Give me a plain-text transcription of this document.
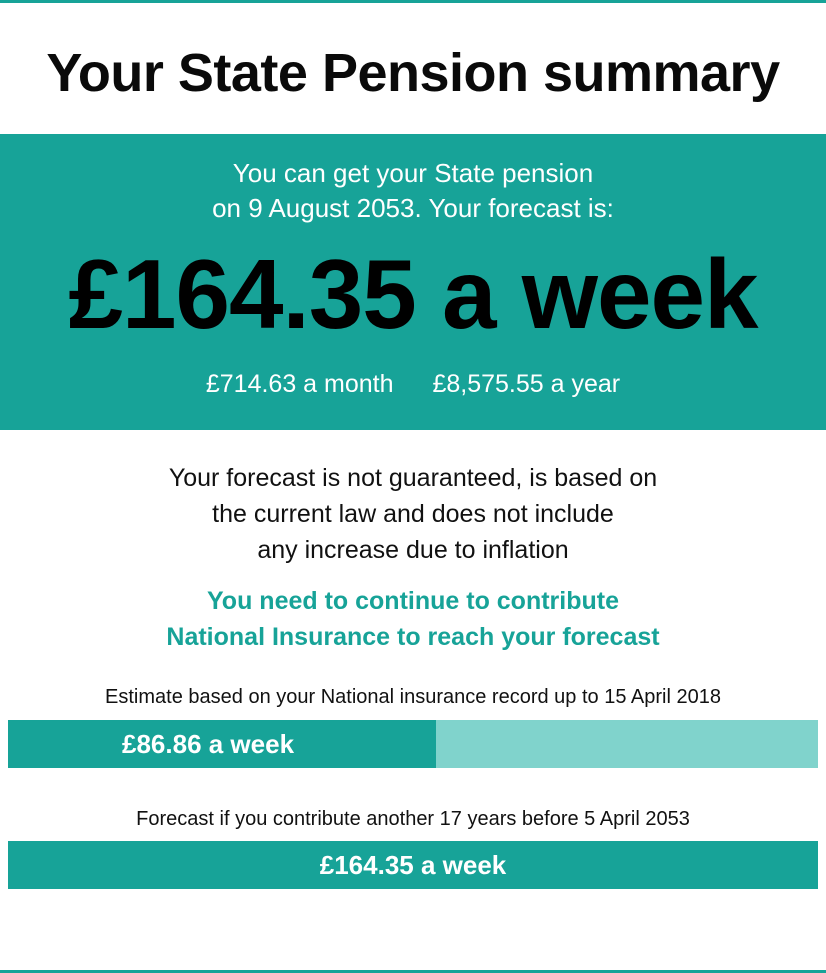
Your State Pension summary
You can get your State pension
on 9 August 2053. Your forecast is:
£164.35 a week
£714.63 a month £8,575.55 a year
Your forecast is not guaranteed, is based on
the current law and does not include
any increase due to inflation
You need to continue to contribute
National Insurance to reach your forecast
Estimate based on your National insurance record up to 15 April 2018
£86.86 a week
Forecast if you contribute another 17 years before 5 April 2053
£164.35 a week
